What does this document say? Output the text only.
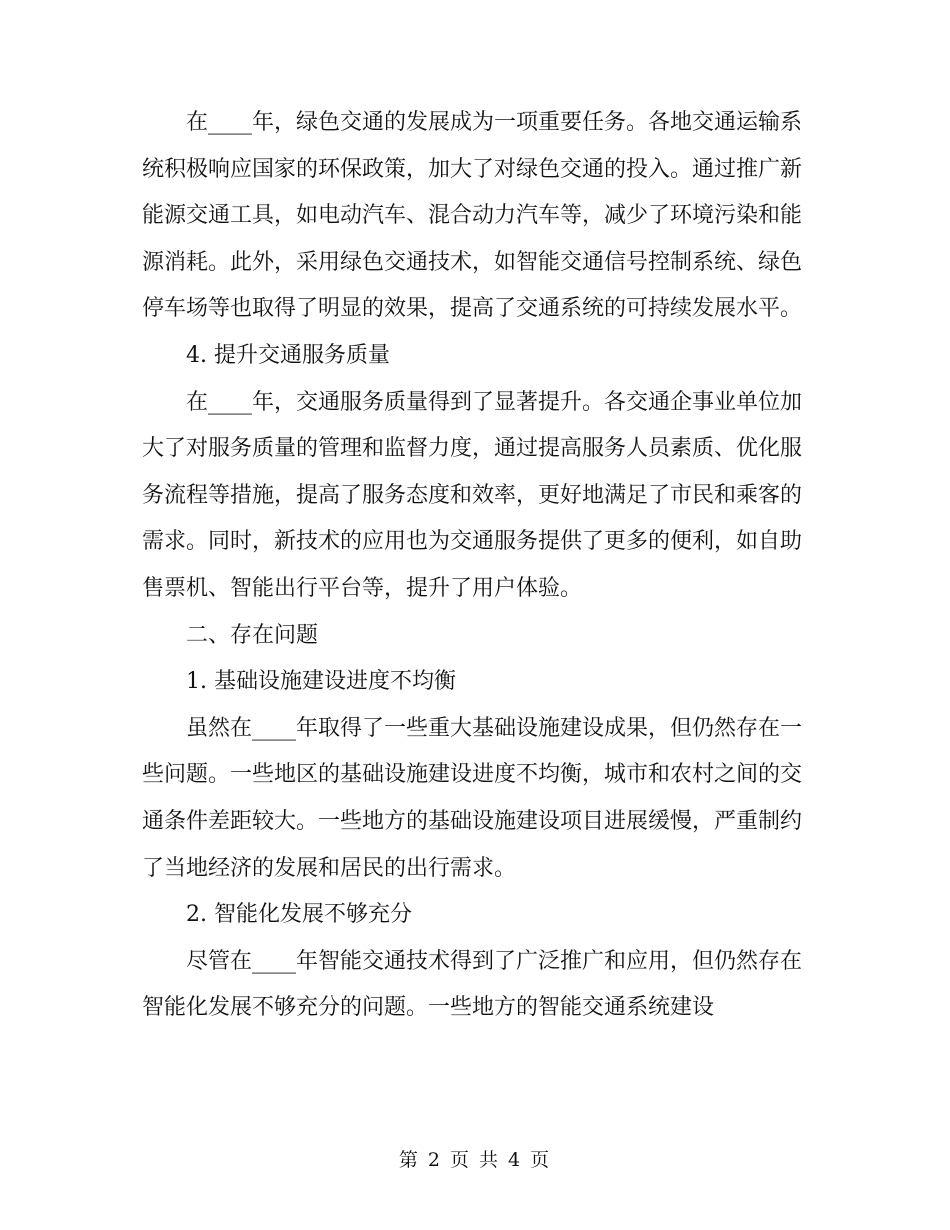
在____年，绿色交通的发展成为一项重要任务。各地交通运输系统积极响应国家的环保政策，加大了对绿色交通的投入。通过推广新能源交通工具，如电动汽车、混合动力汽车等，减少了环境污染和能源消耗。此外，采用绿色交通技术，如智能交通信号控制系统、绿色停车场等也取得了明显的效果，提高了交通系统的可持续发展水平。

4. 提升交通服务质量

在____年，交通服务质量得到了显著提升。各交通企事业单位加大了对服务质量的管理和监督力度，通过提高服务人员素质、优化服务流程等措施，提高了服务态度和效率，更好地满足了市民和乘客的需求。同时，新技术的应用也为交通服务提供了更多的便利，如自助售票机、智能出行平台等，提升了用户体验。

二、存在问题

1. 基础设施建设进度不均衡

虽然在____年取得了一些重大基础设施建设成果，但仍然存在一些问题。一些地区的基础设施建设进度不均衡，城市和农村之间的交通条件差距较大。一些地方的基础设施建设项目进展缓慢，严重制约了当地经济的发展和居民的出行需求。

2. 智能化发展不够充分

尽管在____年智能交通技术得到了广泛推广和应用，但仍然存在智能化发展不够充分的问题。一些地方的智能交通系统建设

第 2 页 共 4 页
